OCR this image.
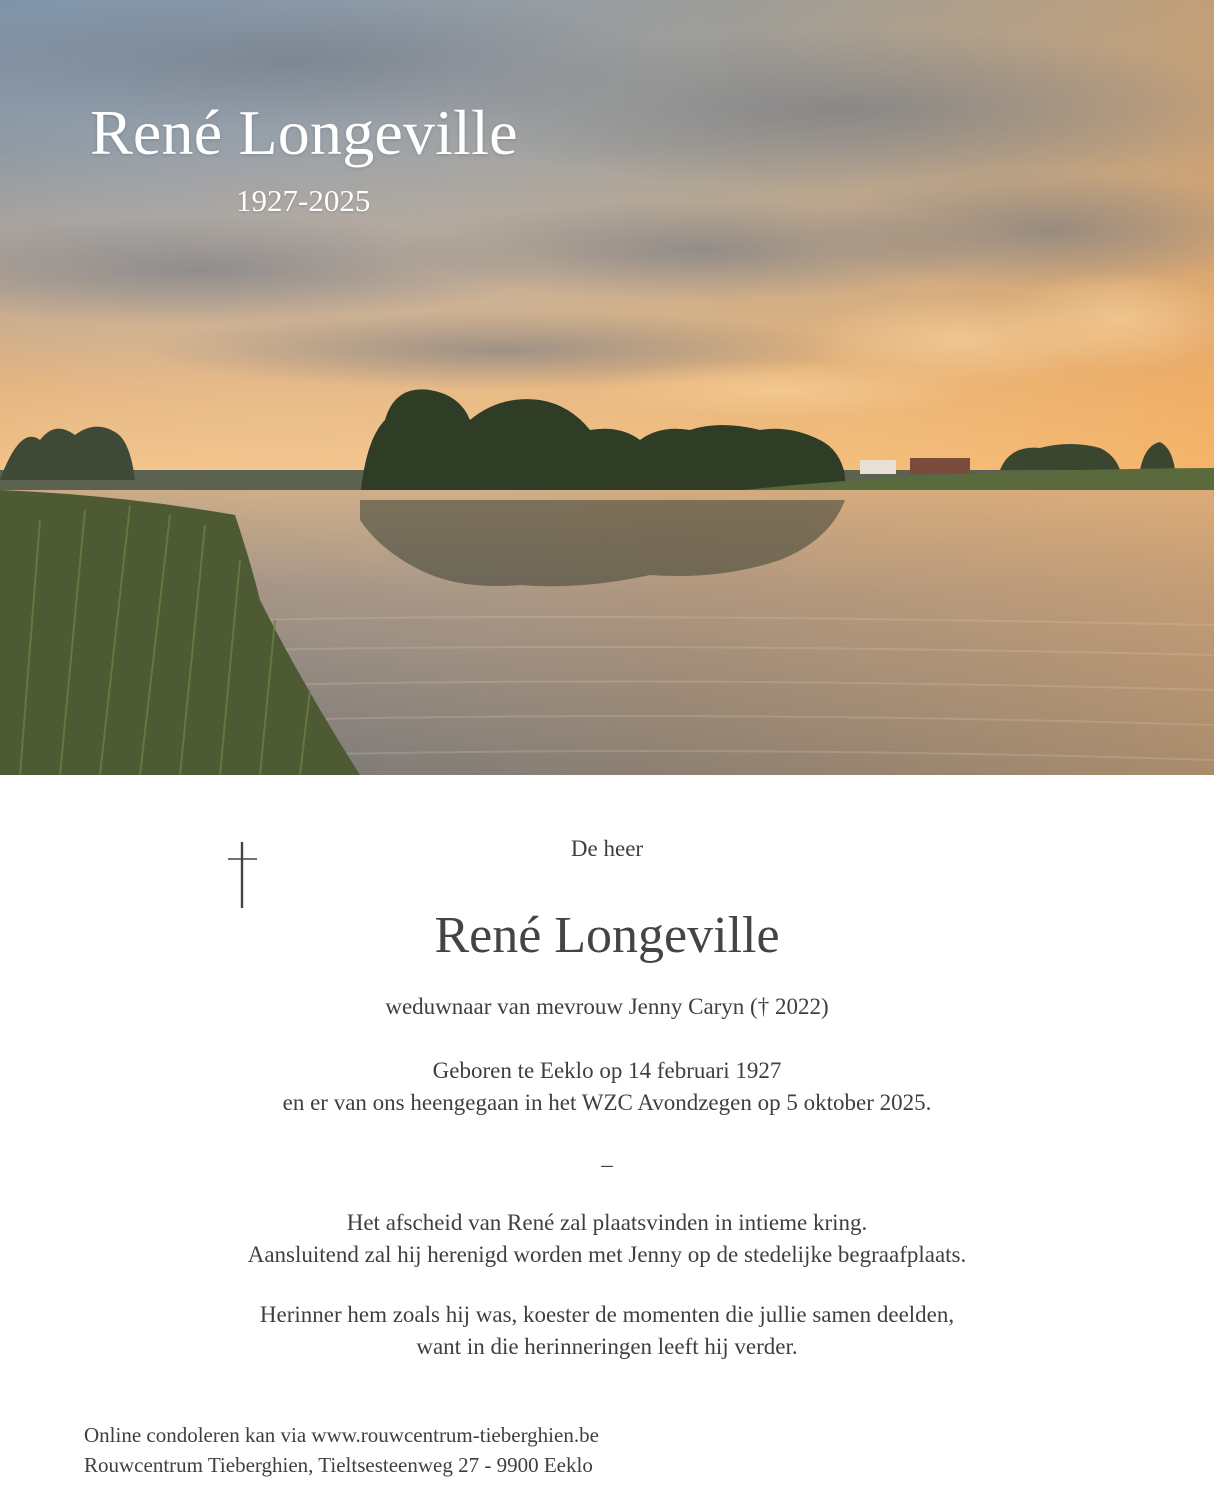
René Longeville
1927-2025
De heer
René Longeville
weduwnaar van mevrouw Jenny Caryn († 2022)
Geboren te Eeklo op 14 februari 1927
en er van ons heengegaan in het WZC Avondzegen op 5 oktober 2025.
–
Het afscheid van René zal plaatsvinden in intieme kring.
Aansluitend zal hij herenigd worden met Jenny op de stedelijke begraafplaats.
Herinner hem zoals hij was, koester de momenten die jullie samen deelden,
want in die herinneringen leeft hij verder.
Online condoleren kan via www.rouwcentrum-tieberghien.be
Rouwcentrum Tieberghien, Tieltsesteenweg 27 - 9900 Eeklo
